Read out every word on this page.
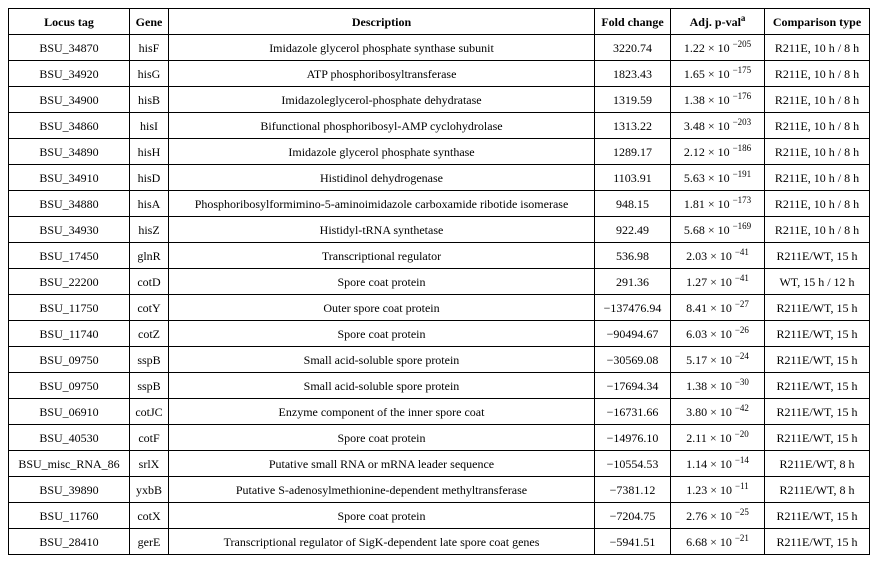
Locus tag	Gene	Description	Fold change	Adj. p-val$^a$	Comparison type
BSU_34870	hisF	Imidazole glycerol phosphate synthase subunit	3220.74	1.22 × 10 $^{-205}$	R211E, 10 h / 8 h
BSU_34920	hisG	ATP phosphoribosyltransferase	1823.43	1.65 × 10 $^{-175}$	R211E, 10 h / 8 h
BSU_34900	hisB	Imidazoleglycerol-phosphate dehydratase	1319.59	1.38 × 10 $^{-176}$	R211E, 10 h / 8 h
BSU_34860	hisI	Bifunctional phosphoribosyl-AMP cyclohydrolase	1313.22	3.48 × 10 $^{-203}$	R211E, 10 h / 8 h
BSU_34890	hisH	Imidazole glycerol phosphate synthase	1289.17	2.12 × 10 $^{-186}$	R211E, 10 h / 8 h
BSU_34910	hisD	Histidinol dehydrogenase	1103.91	5.63 × 10 $^{-191}$	R211E, 10 h / 8 h
BSU_34880	hisA	Phosphoribosylformimino-5-aminoimidazole carboxamide ribotide isomerase	948.15	1.81 × 10 $^{-173}$	R211E, 10 h / 8 h
BSU_34930	hisZ	Histidyl-tRNA synthetase	922.49	5.68 × 10 $^{-169}$	R211E, 10 h / 8 h
BSU_17450	glnR	Transcriptional regulator	536.98	2.03 × 10 $^{-41}$	R211E/WT, 15 h
BSU_22200	cotD	Spore coat protein	291.36	1.27 × 10 $^{-41}$	WT, 15 h / 12 h
BSU_11750	cotY	Outer spore coat protein	−137476.94	8.41 × 10 $^{-27}$	R211E/WT, 15 h
BSU_11740	cotZ	Spore coat protein	−90494.67	6.03 × 10 $^{-26}$	R211E/WT, 15 h
BSU_09750	sspB	Small acid-soluble spore protein	−30569.08	5.17 × 10 $^{-24}$	R211E/WT, 15 h
BSU_09750	sspB	Small acid-soluble spore protein	−17694.34	1.38 × 10 $^{-30}$	R211E/WT, 15 h
BSU_06910	cotJC	Enzyme component of the inner spore coat	−16731.66	3.80 × 10 $^{-42}$	R211E/WT, 15 h
BSU_40530	cotF	Spore coat protein	−14976.10	2.11 × 10 $^{-20}$	R211E/WT, 15 h
BSU_misc_RNA_86	srlX	Putative small RNA or mRNA leader sequence	−10554.53	1.14 × 10 $^{-14}$	R211E/WT, 8 h
BSU_39890	yxbB	Putative S-adenosylmethionine-dependent methyltransferase	−7381.12	1.23 × 10 $^{-11}$	R211E/WT, 8 h
BSU_11760	cotX	Spore coat protein	−7204.75	2.76 × 10 $^{-25}$	R211E/WT, 15 h
BSU_28410	gerE	Transcriptional regulator of SigK-dependent late spore coat genes	−5941.51	6.68 × 10 $^{-21}$	R211E/WT, 15 h
